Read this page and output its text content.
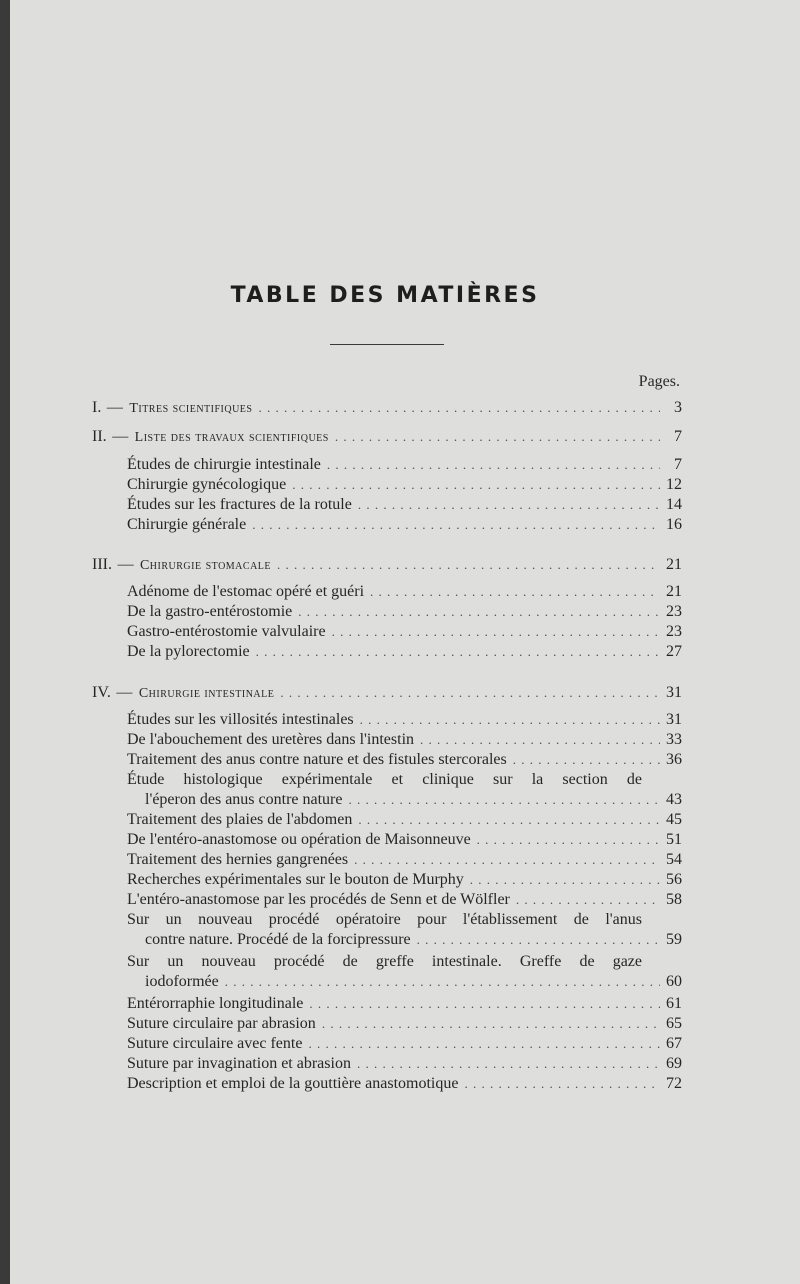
TABLE DES MATIÈRES
Pages.
I. — Titres scientifiques . . .	3
II. — Liste des travaux scientifiques . . .	7
Études de chirurgie intestinale . . .	7
Chirurgie gynécologique . . .	12
Études sur les fractures de la rotule . . .	14
Chirurgie générale . . .	16
III. — Chirurgie stomacale . . .	21
Adénome de l'estomac opéré et guéri . . .	21
De la gastro-entérostomie . . .	23
Gastro-entérostomie valvulaire . . .	23
De la pylorectomie . . .	27
IV. — Chirurgie intestinale . . .	31
Études sur les villosités intestinales . . .	31
De l'abouchement des uretères dans l'intestin . . .	33
Traitement des anus contre nature et des fistules stercorales . . .	36
Étude histologique expérimentale et clinique sur la section de
l'éperon des anus contre nature . . .	43
Traitement des plaies de l'abdomen . . .	45
De l'entéro-anastomose ou opération de Maisonneuve . . .	51
Traitement des hernies gangrenées . . .	54
Recherches expérimentales sur le bouton de Murphy . . .	56
L'entéro-anastomose par les procédés de Senn et de Wölfler . . .	58
Sur un nouveau procédé opératoire pour l'établissement de l'anus
contre nature. Procédé de la forcipressure . . .	59
Sur un nouveau procédé de greffe intestinale. Greffe de gaze
iodoformée . . .	60
Entérorraphie longitudinale . . .	61
Suture circulaire par abrasion . . .	65
Suture circulaire avec fente . . .	67
Suture par invagination et abrasion . . .	69
Description et emploi de la gouttière anastomotique . . .	72
